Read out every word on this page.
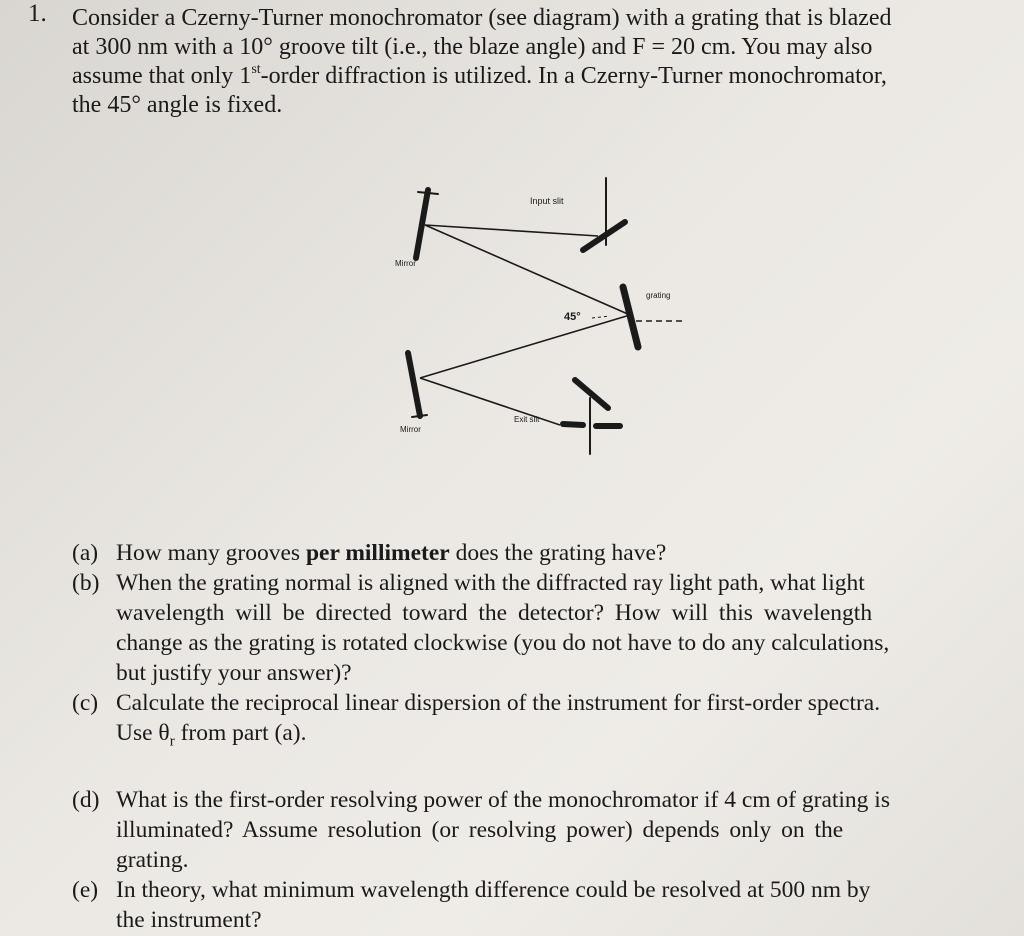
1. Consider a Czerny-Turner monochromator (see diagram) with a grating that is blazed
at 300 nm with a 10° groove tilt (i.e., the blaze angle) and F = 20 cm. You may also
assume that only 1st-order diffraction is utilized. In a Czerny-Turner monochromator,
the 45° angle is fixed.
Input slit
Mirror
grating
45°
Mirror
Exit slit
(a) How many grooves per millimeter does the grating have?
(b) When the grating normal is aligned with the diffracted ray light path, what light
wavelength will be directed toward the detector? How will this wavelength
change as the grating is rotated clockwise (you do not have to do any calculations,
but justify your answer)?
(c) Calculate the reciprocal linear dispersion of the instrument for first-order spectra.
Use $\theta_r$ from part (a).
(d) What is the first-order resolving power of the monochromator if 4 cm of grating is
illuminated? Assume resolution (or resolving power) depends only on the
grating.
(e) In theory, what minimum wavelength difference could be resolved at 500 nm by
the instrument?
